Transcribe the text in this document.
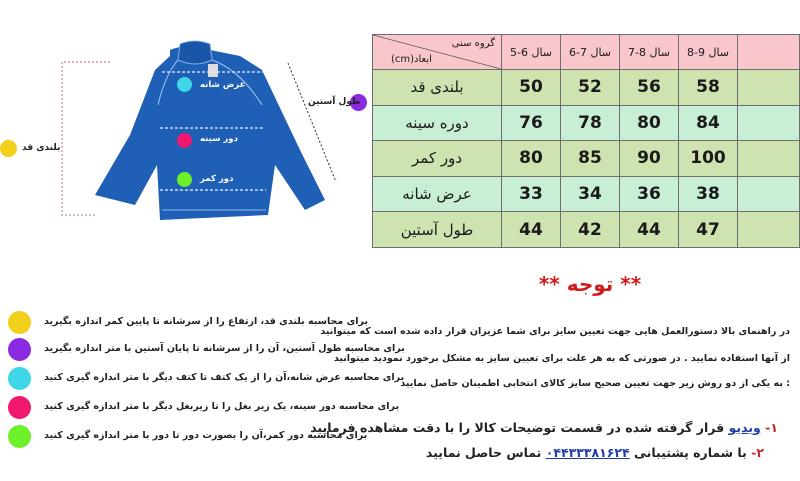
عرض شانه
دور سینه
دور کمر
طول آستین
بلندی قد
گروه سنی
ابعاد(cm)	5-6 سال	6-7 سال	7-8 سال	8-9 سال	
بلندی قد	50	52	56	58	
دوره سینه	76	78	80	84	
دور کمر	80	85	90	100	
عرض شانه	33	34	36	38	
طول آستین	44	42	44	47	
برای محاسبه بلندی قد، ارتفاع را از سرشانه تا پایین کمر اندازه بگیرید
برای محاسبه طول آستین، آن را از سرشانه تا پایان آستین با متر اندازه بگیرید
برای محاسبه عرض شانه،آن را از یک کتف تا کتف دیگر با متر اندازه گیری کنید
برای محاسبه دور سینه، یک زیر بغل را تا زیربغل دیگر با متر اندازه گیری کنید
برای محاسبه دور کمر،آن را بصورت دور تا دور با متر اندازه گیری کنید
** توجه **
در راهنمای بالا دستورالعمل هایی جهت تعیین سایز برای شما عزیزان قرار داده شده است که میتوانید
از آنها استفاده نمایید . در صورتی که به هر علت برای تعیین سایز به مشکل برخورد نمودید میتوانید
: به یکی از دو روش زیر جهت تعیین صحیح سایز کالای انتخابی اطمینان حاصل نمایید
۱- ویدیو قرار گرفته شده در قسمت توضیحات کالا را با دقت مشاهده فرمایید
۲- با شماره پشتیبانی ۰۴۴۳۳۳۸۱۶۲۴ تماس حاصل نمایید
